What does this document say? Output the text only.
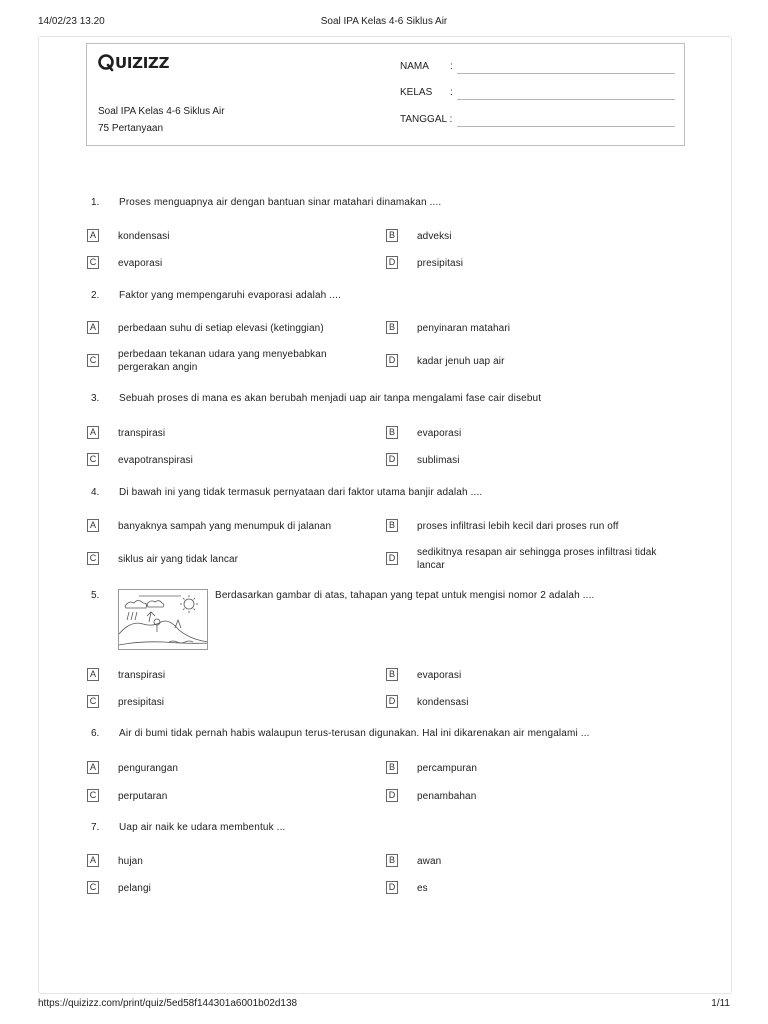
14/02/23 13.20	Soal IPA Kelas 4-6 Siklus Air
UIZIZZ
Soal IPA Kelas 4-6 Siklus Air
75 Pertanyaan
NAMA :
KELAS :
TANGGAL :
1. Proses menguapnya air dengan bantuan sinar matahari dinamakan ....
A	kondensasi	B	adveksi
C evaporasi	D presipitasi
2. Faktor yang mempengaruhi evaporasi adalah ....
A	perbedaan suhu di setiap elevasi (ketinggian)	B	penyinaran matahari
C perbedaan tekanan udara yang menyebabkan pergerakan angin
D kadar jenuh uap air
3. Sebuah proses di mana es akan berubah menjadi uap air tanpa mengalami fase cair disebut
A	transpirasi	B	evaporasi
C evapotranspirasi	D sublimasi
4. Di bawah ini yang tidak termasuk pernyataan dari faktor utama banjir adalah ....
A	banyaknya sampah yang menumpuk di jalanan	B	proses infiltrasi lebih kecil dari proses run off
C siklus air yang tidak lancar	D sedikitnya resapan air sehingga proses infiltrasi tidak lancar
5.	Berdasarkan gambar di atas, tahapan yang tepat untuk mengisi nomor 2 adalah ....
A	transpirasi	B	evaporasi
C presipitasi	D kondensasi
6. Air di bumi tidak pernah habis walaupun terus-terusan digunakan. Hal ini dikarenakan air mengalami ...
A	pengurangan	B	percampuran
C perputaran	D penambahan
7. Uap air naik ke udara membentuk ...
A	hujan	B	awan
C pelangi	D es
https://quizizz.com/print/quiz/5ed58f144301a6001b02d138	1/11
